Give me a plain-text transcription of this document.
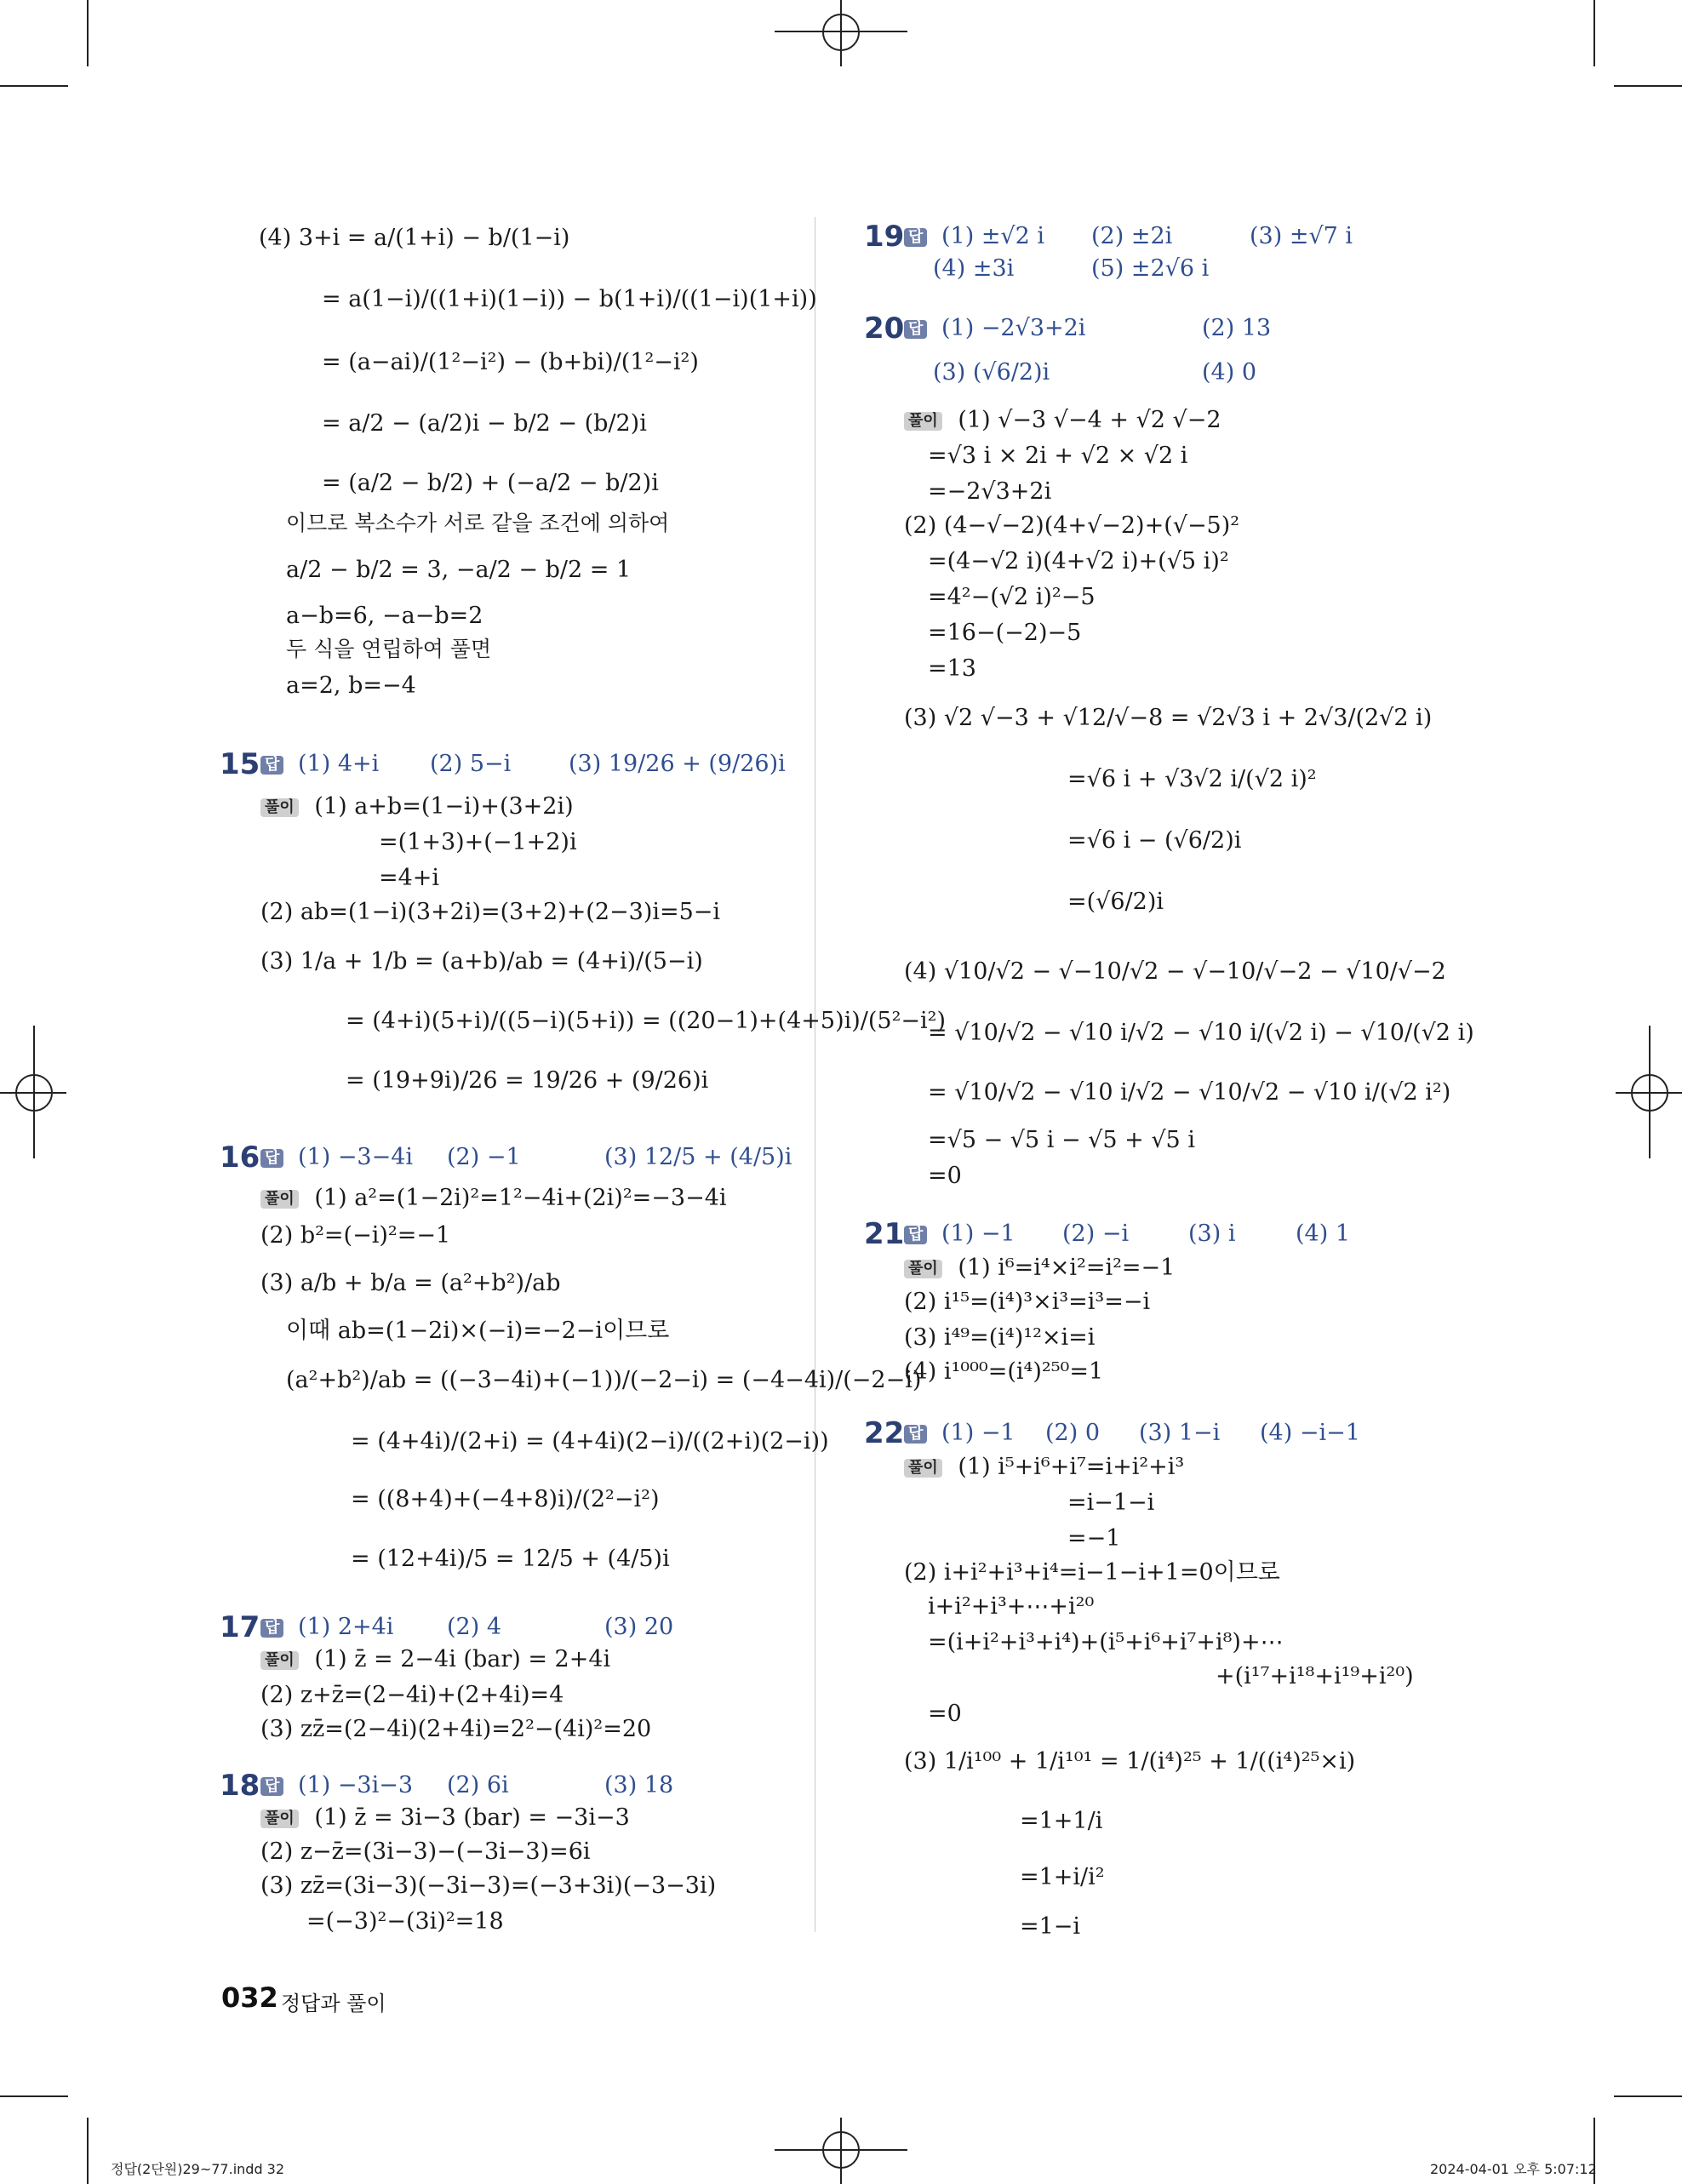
(4) 3+i = a/(1+i) − b/(1−i)
= a(1−i)/((1+i)(1−i)) − b(1+i)/((1−i)(1+i))
= (a−ai)/(1²−i²) − (b+bi)/(1²−i²)
= a/2 − (a/2)i − b/2 − (b/2)i
= (a/2 − b/2) + (−a/2 − b/2)i
이므로 복소수가 서로 같을 조건에 의하여
a/2 − b/2 = 3, −a/2 − b/2 = 1
a−b=6, −a−b=2
두 식을 연립하여 풀면
a=2, b=−4
15 답 (1) 4+i (2) 5−i	(3) 19/26 + (9/26)i
풀이 (1) a+b=(1−i)+(3+2i)
=(1+3)+(−1+2)i
=4+i
(2) ab=(1−i)(3+2i)=(3+2)+(2−3)i=5−i
(3) 1/a + 1/b = (a+b)/ab = (4+i)/(5−i)
= (4+i)(5+i)/((5−i)(5+i)) = ((20−1)+(4+5)i)/(5²−i²)
= (19+9i)/26 = 19/26 + (9/26)i
16 답 (1) −3−4i (2) −1	(3) 12/5 + (4/5)i
풀이 (1) a²=(1−2i)²=1²−4i+(2i)²=−3−4i
(2) b²=(−i)²=−1
(3) a/b + b/a = (a²+b²)/ab
이때 ab=(1−2i)×(−i)=−2−i이므로
(a²+b²)/ab = ((−3−4i)+(−1))/(−2−i) = (−4−4i)/(−2−i)
= (4+4i)/(2+i) = (4+4i)(2−i)/((2+i)(2−i))
= ((8+4)+(−4+8)i)/(2²−i²)
= (12+4i)/5 = 12/5 + (4/5)i
17 답 (1) 2+4i (2) 4	(3) 20
풀이 (1) z̄ = 2−4i (bar) = 2+4i
(2) z+z̄=(2−4i)+(2+4i)=4
(3) zz̄=(2−4i)(2+4i)=2²−(4i)²=20
18 답 (1) −3i−3 (2) 6i	(3) 18
풀이 (1) z̄ = 3i−3 (bar) = −3i−3
(2) z−z̄=(3i−3)−(−3i−3)=6i
(3) zz̄=(3i−3)(−3i−3)=(−3+3i)(−3−3i)
=(−3)²−(3i)²=18
19 답 (1) ±√2 i (2) ±2i	(3) ±√7 i
(4) ±3i	(5) ±2√6 i
20 답 (1) −2√3+2i	(2) 13
(3) (√6/2)i	(4) 0
풀이 (1) √−3 √−4 + √2 √−2
=√3 i × 2i + √2 × √2 i
=−2√3+2i
(2) (4−√−2)(4+√−2)+(√−5)²
=(4−√2 i)(4+√2 i)+(√5 i)²
=4²−(√2 i)²−5
=16−(−2)−5
=13
(3) √2 √−3 + √12/√−8 = √2√3 i + 2√3/(2√2 i)
=√6 i + √3√2 i/(√2 i)²
=√6 i − (√6/2)i
=(√6/2)i
(4) √10/√2 − √−10/√2 − √−10/√−2 − √10/√−2
= √10/√2 − √10 i/√2 − √10 i/(√2 i) − √10/(√2 i)
= √10/√2 − √10 i/√2 − √10/√2 − √10 i/(√2 i²)
=√5 − √5 i − √5 + √5 i
=0
21 답 (1) −1 (2) −i	(3) i	(4) 1
풀이 (1) i⁶=i⁴×i²=i²=−1
(2) i¹⁵=(i⁴)³×i³=i³=−i
(3) i⁴⁹=(i⁴)¹²×i=i
(4) i¹⁰⁰⁰=(i⁴)²⁵⁰=1
22 답 (1) −1 (2) 0 (3) 1−i (4) −i−1
풀이 (1) i⁵+i⁶+i⁷=i+i²+i³
=i−1−i
=−1
(2) i+i²+i³+i⁴=i−1−i+1=0이므로
i+i²+i³+⋯+i²⁰
=(i+i²+i³+i⁴)+(i⁵+i⁶+i⁷+i⁸)+⋯
+(i¹⁷+i¹⁸+i¹⁹+i²⁰)
=0
(3) 1/i¹⁰⁰ + 1/i¹⁰¹ = 1/(i⁴)²⁵ + 1/((i⁴)²⁵×i)
=1+1/i
=1+i/i²
=1−i
032 정답과 풀이
정답(2단원)29~77.indd 32	2024-04-01 오후 5:07:12
